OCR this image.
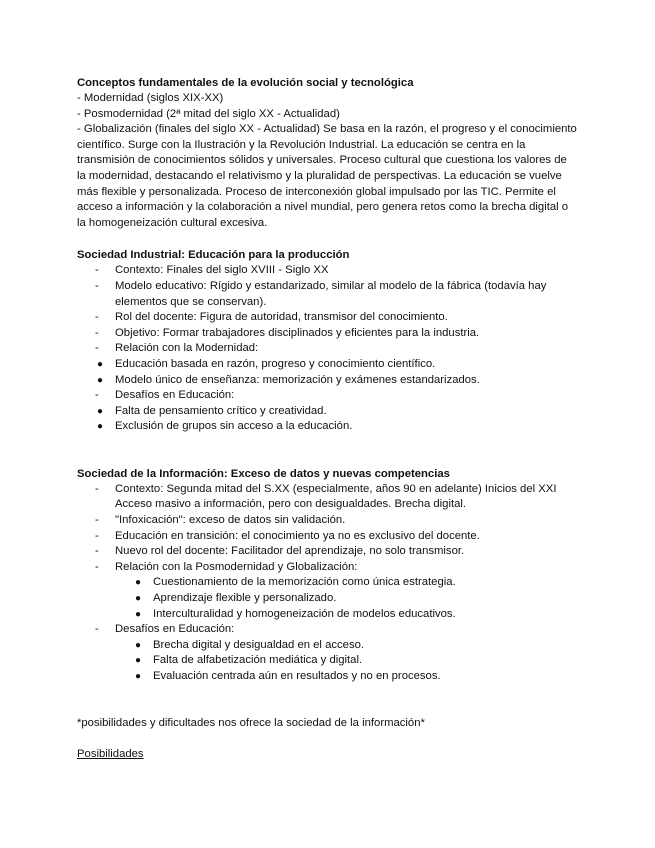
Conceptos fundamentales de la evolución social y tecnológica

- Modernidad (siglos XIX-XX)

- Posmodernidad (2ª mitad del siglo XX - Actualidad)

- Globalización (finales del siglo XX - Actualidad) Se basa en la razón, el progreso y el conocimiento científico. Surge con la Ilustración y la Revolución Industrial. La educación se centra en la transmisión de conocimientos sólidos y universales. Proceso cultural que cuestiona los valores de la modernidad, destacando el relativismo y la pluralidad de perspectivas. La educación se vuelve más flexible y personalizada. Proceso de interconexión global impulsado por las TIC. Permite el acceso a información y la colaboración a nivel mundial, pero genera retos como la brecha digital o la homogeneización cultural excesiva.

Sociedad Industrial: Educación para la producción

- Contexto: Finales del siglo XVIII - Siglo XX
- Modelo educativo: Rígido y estandarizado, similar al modelo de la fábrica (todavía hay elementos que se conservan).
- Rol del docente: Figura de autoridad, transmisor del conocimiento.
- Objetivo: Formar trabajadores disciplinados y eficientes para la industria.
- Relación con la Modernidad:
● Educación basada en razón, progreso y conocimiento científico.
● Modelo único de enseñanza: memorización y exámenes estandarizados.
- Desafíos en Educación:
● Falta de pensamiento crítico y creatividad.
● Exclusión de grupos sin acceso a la educación.

Sociedad de la Información: Exceso de datos y nuevas competencias

- Contexto: Segunda mitad del S.XX (especialmente, años 90 en adelante) Inicios del XXI Acceso masivo a información, pero con desigualdades. Brecha digital.
- "Infoxicación": exceso de datos sin validación.
- Educación en transición: el conocimiento ya no es exclusivo del docente.
- Nuevo rol del docente: Facilitador del aprendizaje, no solo transmisor.
- Relación con la Posmodernidad y Globalización:
● Cuestionamiento de la memorización como única estrategia.
● Aprendizaje flexible y personalizado.
● Interculturalidad y homogeneización de modelos educativos.
- Desafíos en Educación:
● Brecha digital y desigualdad en el acceso.
● Falta de alfabetización mediática y digital.
● Evaluación centrada aún en resultados y no en procesos.

*posibilidades y dificultades nos ofrece la sociedad de la información*

Posibilidades
